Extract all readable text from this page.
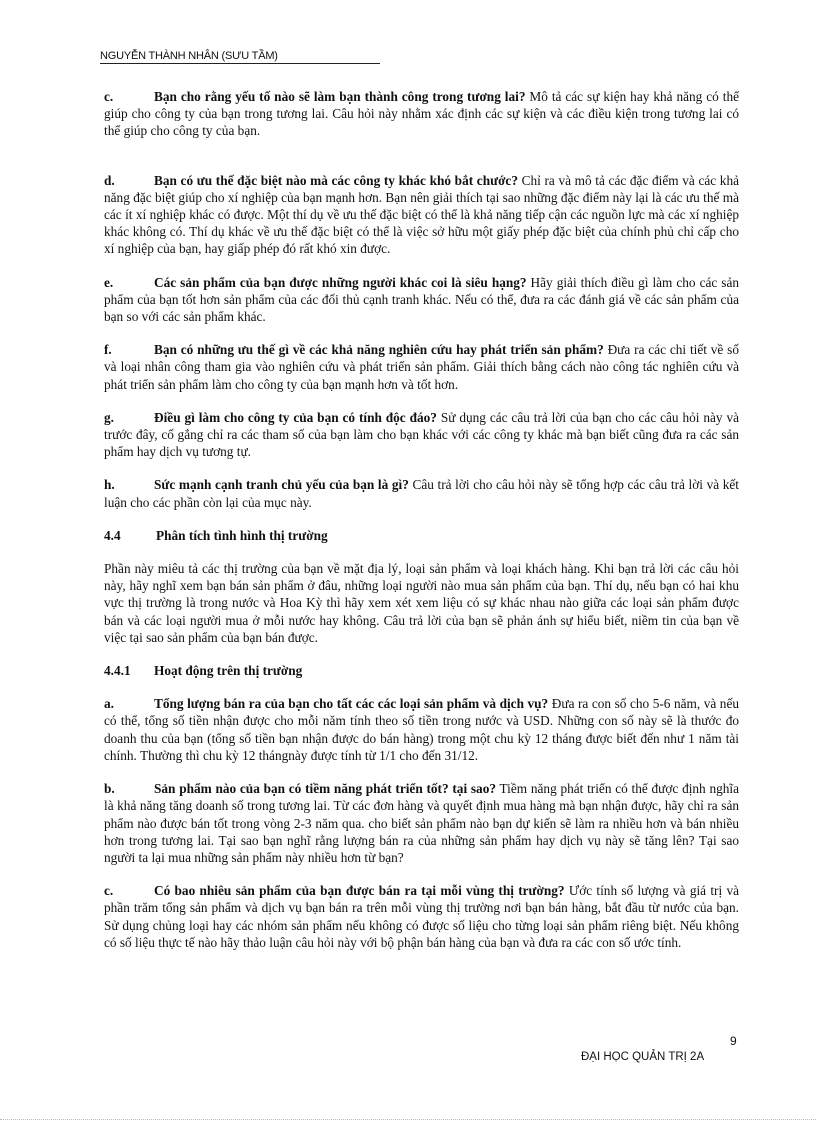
NGUYỄN THÀNH NHÂN (SƯU TẦM)

c.	Bạn cho rằng yếu tố nào sẽ làm bạn thành công trong tương lai? Mô tả các sự kiện hay khả năng có thể giúp cho công ty của bạn trong tương lai. Câu hỏi này nhằm xác định các sự kiện và các điều kiện trong tương lai có thể giúp cho công ty của bạn.

d.	Bạn có ưu thế đặc biệt nào mà các công ty khác khó bắt chước? Chỉ ra và mô tả các đặc điểm và các khả năng đặc biệt giúp cho xí nghiệp của bạn mạnh hơn. Bạn nên giải thích tại sao những đặc điểm này lại là các ưu thế mà các ít xí nghiệp khác có được. Một thí dụ về ưu thế đặc biệt có thể là khả năng tiếp cận các nguồn lực mà các xí nghiệp khác không có. Thí dụ khác về ưu thế đặc biệt có thể là việc sở hữu một giấy phép đặc biệt của chính phủ chỉ cấp cho xí nghiệp của bạn, hay giấp phép đó rất khó xin được.

e.	Các sản phẩm của bạn được những người khác coi là siêu hạng? Hãy giải thích điều gì làm cho các sản phẩm của bạn tốt hơn sản phẩm của các đối thủ cạnh tranh khác. Nếu có thể, đưa ra các đánh giá về các sản phẩm của bạn so với các sản phẩm khác.

f.	Bạn có những ưu thế gì về các khả năng nghiên cứu hay phát triển sản phẩm? Đưa ra các chi tiết về số và loại nhân công tham gia vào nghiên cứu và phát triển sản phẩm. Giải thích bằng cách nào công tác nghiên cứu và phát triển sản phẩm làm cho công ty của bạn mạnh hơn và tốt hơn.

g.	Điều gì làm cho công ty của bạn có tính độc đáo? Sử dụng các câu trả lời của bạn cho các câu hỏi này và trước đây, cố gắng chỉ ra các tham số của bạn làm cho bạn khác với các công ty khác mà bạn biết cũng đưa ra các sản phẩm hay dịch vụ tương tự.

h.	Sức mạnh cạnh tranh chủ yếu của bạn là gì? Câu trả lời cho câu hỏi này sẽ tổng hợp các câu trả lời và kết luận cho các phần còn lại của mục này.

4.4	Phân tích tình hình thị trường

Phần này miêu tả các thị trường của bạn về mặt địa lý, loại sản phẩm và loại khách hàng. Khi bạn trả lời các câu hỏi này, hãy nghĩ xem bạn bán sản phẩm ở đâu, những loại người nào mua sản phẩm của bạn. Thí dụ, nếu bạn có hai khu vực thị trường là trong nước và Hoa Kỳ thì hãy xem xét xem liệu có sự khác nhau nào giữa các loại sản phẩm được bán và các loại người mua ở mỗi nước hay không. Câu trả lời của bạn sẽ phản ánh sự hiểu biết, niềm tin của bạn về việc tại sao sản phẩm của bạn bán được.

4.4.1 Hoạt động trên thị trường

a.	Tổng lượng bán ra của bạn cho tất các các loại sản phẩm và dịch vụ? Đưa ra con số cho 5-6 năm, và nếu có thể, tổng số tiền nhận được cho mỗi năm tính theo số tiền trong nước và USD. Những con số này sẽ là thước đo doanh thu của bạn (tổng số tiền bạn nhận được do bán hàng) trong một chu kỳ 12 tháng được biết đến như 1 năm tài chính. Thường thì chu kỳ 12 thángnày được tính từ 1/1 cho đến 31/12.

b.	Sản phẩm nào của bạn có tiềm năng phát triển tốt? tại sao? Tiềm năng phát triển có thể được định nghĩa là khả năng tăng doanh số trong tương lai. Từ các đơn hàng và quyết định mua hàng mà bạn nhận được, hãy chỉ ra sản phẩm nào được bán tốt trong vòng 2-3 năm qua. cho biết sản phẩm nào bạn dự kiến sẽ làm ra nhiều hơn và bán nhiều hơn trong tương lai. Tại sao bạn nghĩ rằng lượng bán ra của những sản phẩm hay dịch vụ này sẽ tăng lên? Tại sao người ta lại mua những sản phẩm này nhiều hơn từ bạn?

c.	Có bao nhiêu sản phẩm của bạn được bán ra tại mỗi vùng thị trường? Ước tính số lượng và giá trị và phần trăm tổng sản phẩm và dịch vụ bạn bán ra trên mỗi vùng thị trường nơi bạn bán hàng, bắt đầu từ nước của bạn. Sử dụng chủng loại hay các nhóm sản phẩm nếu không có được số liệu cho từng loại sản phẩm riêng biệt. Nếu không có số liệu thực tế nào hãy thảo luận câu hỏi này với bộ phận bán hàng của bạn và đưa ra các con số ước tính.

9
ĐẠI HỌC QUẢN TRỊ 2A
